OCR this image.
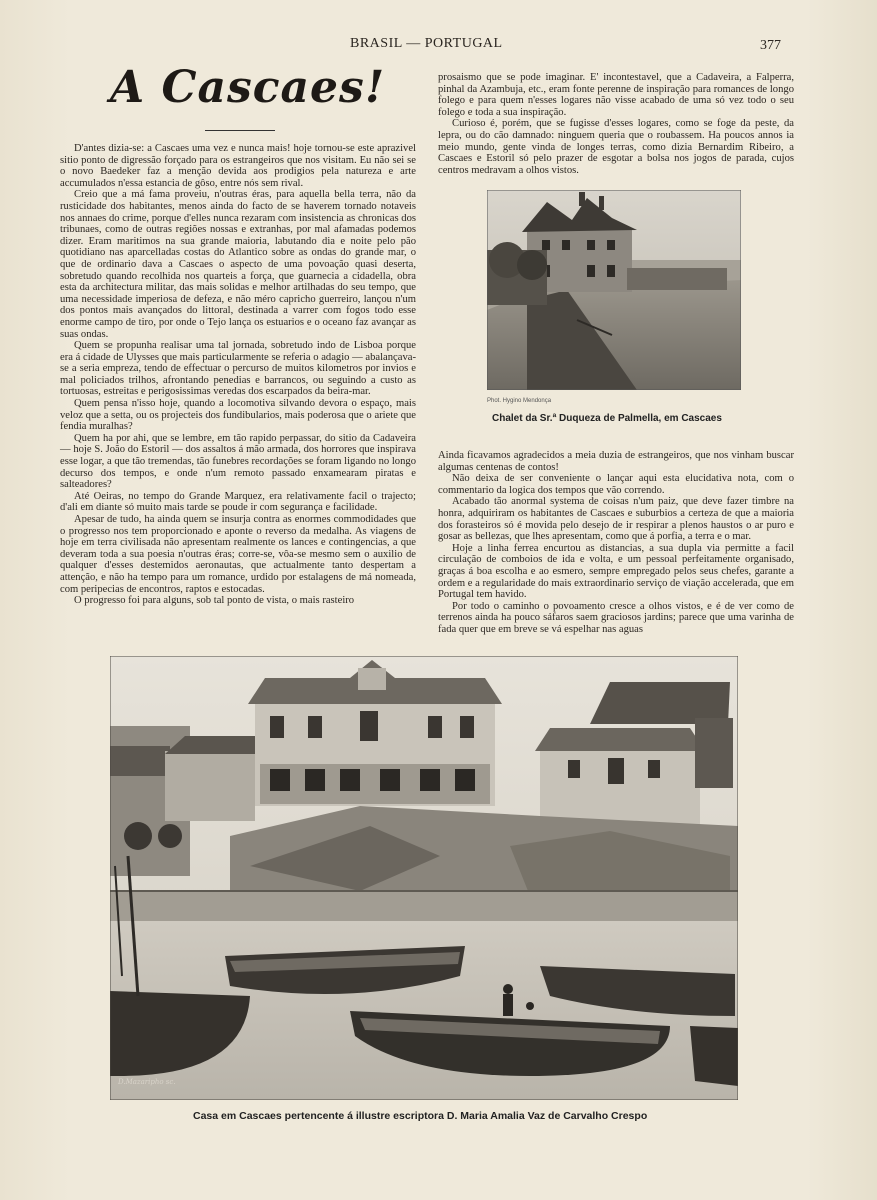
BRASIL — PORTUGAL	377
A Cascaes!

D'antes dizia-se: a Cascaes uma vez e nunca mais! hoje tornou-se este aprazivel sitio ponto de digressão forçado para os estrangeiros que nos visitam. Eu não sei se o novo Baedeker faz a menção devida aos prodigios pela natureza e arte accumulados n'essa estancia de gôso, entre nós sem rival.

Creio que a má fama proveiu, n'outras éras, para aquella bella terra, não da rusticidade dos habitantes, menos ainda do facto de se haverem tornado notaveis nos annaes do crime, porque d'elles nunca rezaram com insistencia as chronicas dos tribunaes, como de outras regiões nossas e extranhas, por mal afamadas podemos dizer. Eram maritimos na sua grande maioria, labutando dia e noite pelo pão quotidiano nas aparcelladas costas do Atlantico sobre as ondas do grande mar, o que de ordinario dava a Cascaes o aspecto de uma povoação quasi deserta, sobretudo quando recolhida nos quarteis a força, que guarnecia a cidadella, obra esta da architectura militar, das mais solidas e melhor artilhadas do seu tempo, que uma necessidade imperiosa de defeza, e não méro capricho guerreiro, lançou n'um dos pontos mais avançados do littoral, destinada a varrer com fogos todo esse enorme campo de tiro, por onde o Tejo lança os estuarios e o oceano faz avançar as suas ondas.

Quem se propunha realisar uma tal jornada, sobretudo indo de Lisboa porque era á cidade de Ulysses que mais particularmente se referia o adagio — abalançava-se a seria empreza, tendo de effectuar o percurso de muitos kilometros por invios e mal policiados trilhos, afrontando penedias e barrancos, ou seguindo a custo as tortuosas, estreitas e perigosissimas veredas dos escarpados da beira-mar.

Quem pensa n'isso hoje, quando a locomotiva silvando devora o espaço, mais veloz que a setta, ou os projecteis dos fundibularios, mais poderosa que o ariete que fendia muralhas?

Quem ha por ahi, que se lembre, em tão rapido perpassar, do sitio da Cadaveira — hoje S. João do Estoril — dos assaltos á mão armada, dos horrores que inspirava esse logar, a que tão tremendas, tão funebres recordações se foram ligando no longo decurso dos tempos, e onde n'um remoto passado enxamearam piratas e salteadores?

Até Oeiras, no tempo do Grande Marquez, era relativamente facil o trajecto; d'ali em diante só muito mais tarde se poude ir com segurança e facilidade.

Apesar de tudo, ha ainda quem se insurja contra as enormes commodidades que o progresso nos tem proporcionado e aponte o reverso da medalha. As viagens de hoje em terra civilisada não apresentam realmente os lances e contingencias, a que deveram toda a sua poesia n'outras éras; corre-se, vôa-se mesmo sem o auxilio de qualquer d'esses destemidos aeronautas, que actualmente tanto despertam a attenção, e não ha tempo para um romance, urdido por estalagens de má nomeada, com peripecias de encontros, raptos e estocadas.

O progresso foi para alguns, sob tal ponto de vista, o mais rasteiro

prosaismo que se pode imaginar. E' incontestavel, que a Cadaveira, a Falperra, pinhal da Azambuja, etc., eram fonte perenne de inspiração para romances de longo folego e para quem n'esses logares não visse acabado de uma só vez todo o seu folego e toda a sua inspiração.

Curioso é, porém, que se fugisse d'esses logares, como se foge da peste, da lepra, ou do cão damnado: ninguem queria que o roubassem. Ha poucos annos ia meio mundo, gente vinda de longes terras, como dizia Bernardim Ribeiro, a Cascaes e Estoril só pelo prazer de esgotar a bolsa nos jogos de parada, cujos centros medravam a olhos vistos.

Phot. Hygino Mendonça
Chalet da Sr.ª Duqueza de Palmella, em Cascaes

Ainda ficavamos agradecidos a meia duzia de estrangeiros, que nos vinham buscar algumas centenas de contos!

Não deixa de ser conveniente o lançar aqui esta elucidativa nota, com o commentario da logica dos tempos que vão correndo.

Acabado tão anormal systema de coisas n'um paiz, que deve fazer timbre na honra, adquiriram os habitantes de Cascaes e suburbios a certeza de que a maioria dos forasteiros só é movida pelo desejo de ir respirar a plenos haustos o ar puro e gosar as bellezas, que lhes apresentam, como que á porfia, a terra e o mar.

Hoje a linha ferrea encurtou as distancias, a sua dupla via permitte a facil circulação de comboios de ida e volta, e um pessoal perfeitamente organisado, graças á boa escolha e ao esmero, sempre empregado pelos seus chefes, garante a ordem e a regularidade do mais extraordinario serviço de viação accelerada, que em Portugal tem havido.

Por todo o caminho o povoamento cresce a olhos vistos, e é de ver como de terrenos ainda ha pouco sáfaros saem graciosos jardins; parece que uma varinha de fada quer que em breve se vá espelhar nas aguas

D.Mazaripho sc.
Casa em Cascaes pertencente á illustre escriptora D. Maria Amalia Vaz de Carvalho Crespo
